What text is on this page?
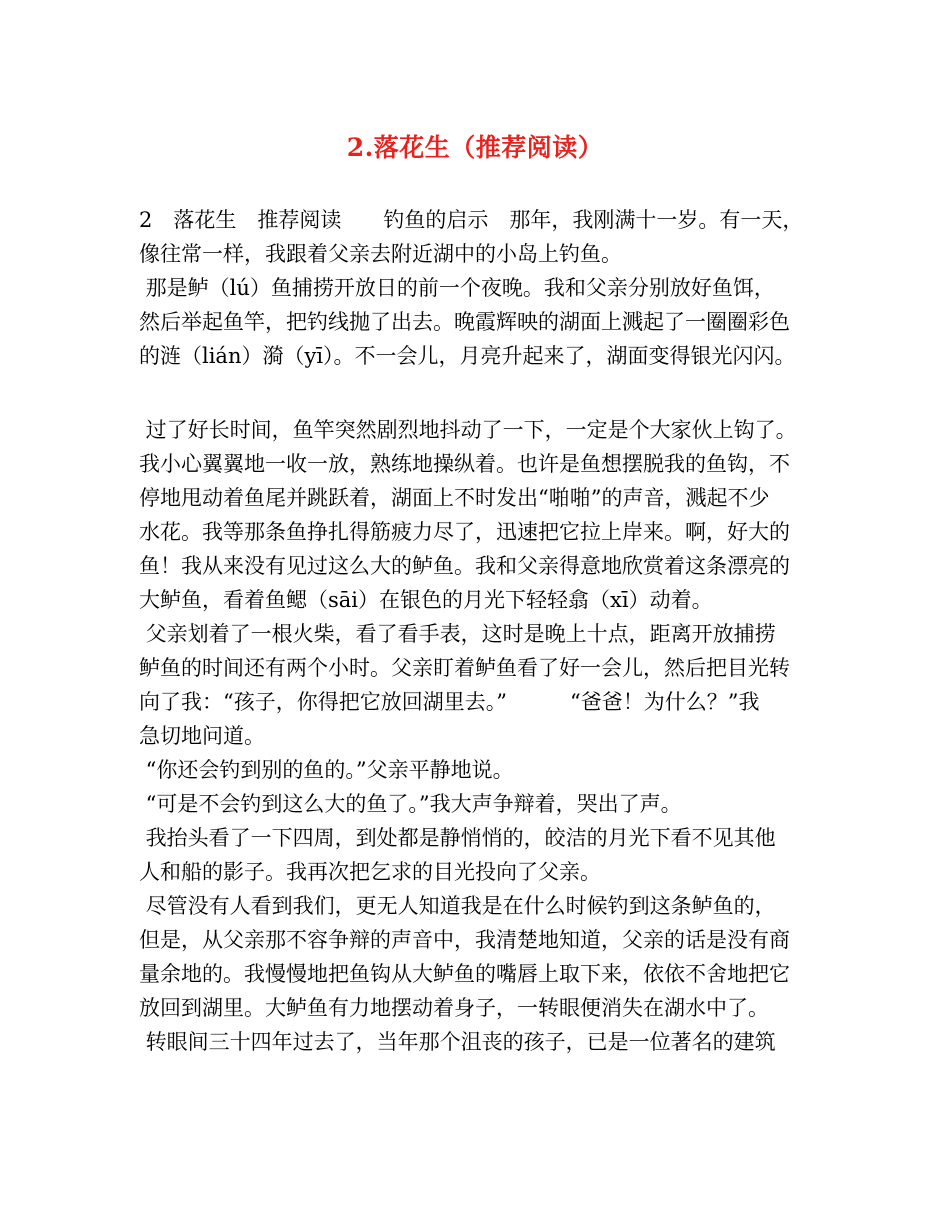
2.落花生（推荐阅读）
2　落花生　推荐阅读　　钓鱼的启示　那年，我刚满十一岁。有一天，
像往常一样，我跟着父亲去附近湖中的小岛上钓鱼。
那是鲈（lú）鱼捕捞开放日的前一个夜晚。我和父亲分别放好鱼饵，
然后举起鱼竿，把钓线抛了出去。晚霞辉映的湖面上溅起了一圈圈彩色
的涟（lián）漪（yī）。不一会儿，月亮升起来了，湖面变得银光闪闪。
过了好长时间，鱼竿突然剧烈地抖动了一下，一定是个大家伙上钩了。
我小心翼翼地一收一放，熟练地操纵着。也许是鱼想摆脱我的鱼钩，不
停地甩动着鱼尾并跳跃着，湖面上不时发出“啪啪”的声音，溅起不少
水花。我等那条鱼挣扎得筋疲力尽了，迅速把它拉上岸来。啊，好大的
鱼！我从来没有见过这么大的鲈鱼。我和父亲得意地欣赏着这条漂亮的
大鲈鱼，看着鱼鳃（sāi）在银色的月光下轻轻翕（xī）动着。
父亲划着了一根火柴，看了看手表，这时是晚上十点，距离开放捕捞
鲈鱼的时间还有两个小时。父亲盯着鲈鱼看了好一会儿，然后把目光转
向了我：“孩子，你得把它放回湖里去。”　　　“爸爸！为什么？”我
急切地问道。
“你还会钓到别的鱼的。”父亲平静地说。
“可是不会钓到这么大的鱼了。”我大声争辩着，哭出了声。
我抬头看了一下四周，到处都是静悄悄的，皎洁的月光下看不见其他
人和船的影子。我再次把乞求的目光投向了父亲。
尽管没有人看到我们，更无人知道我是在什么时候钓到这条鲈鱼的，
但是，从父亲那不容争辩的声音中，我清楚地知道，父亲的话是没有商
量余地的。我慢慢地把鱼钩从大鲈鱼的嘴唇上取下来，依依不舍地把它
放回到湖里。大鲈鱼有力地摆动着身子，一转眼便消失在湖水中了。
转眼间三十四年过去了，当年那个沮丧的孩子，已是一位著名的建筑
